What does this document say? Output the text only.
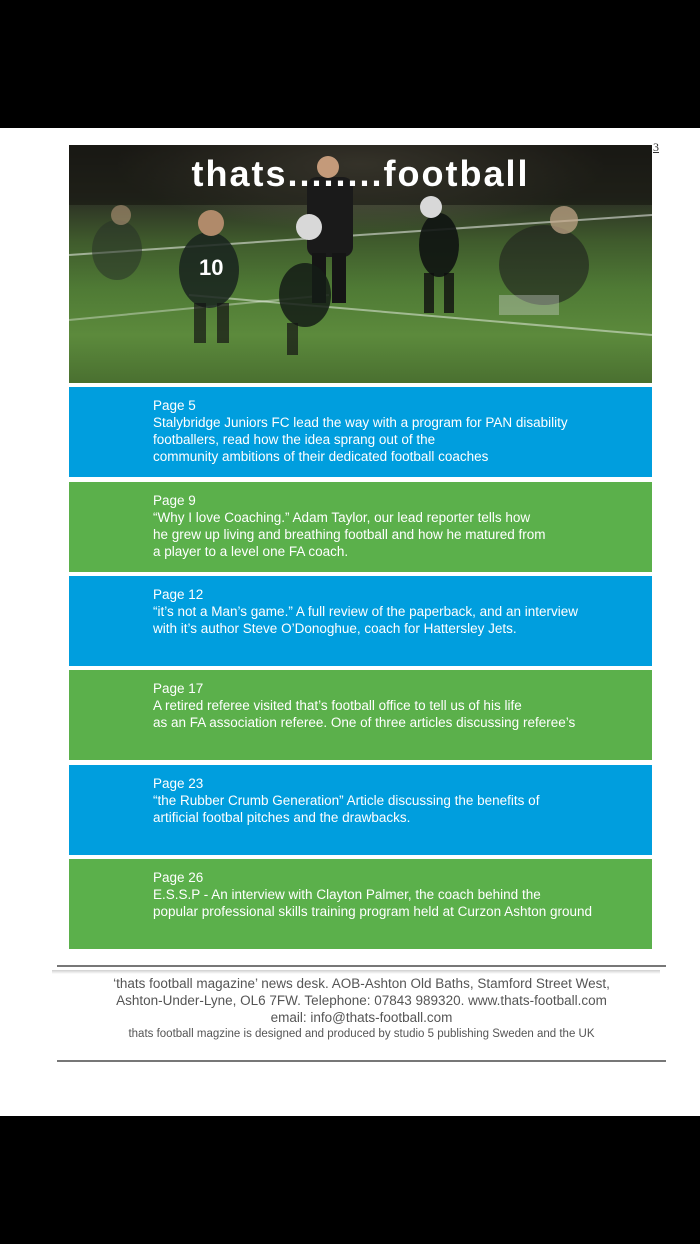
3
10
thats........football
Page 5
Stalybridge Juniors FC lead the way with a program for PAN disability
footballers, read how the idea sprang out of the
community ambitions of their dedicated football coaches
Page 9
“Why I love Coaching.” Adam Taylor, our lead reporter tells how
he grew up living and breathing football and how he matured from
a player to a level one FA coach.
Page 12
“it’s not a Man’s game.” A full review of the paperback, and an interview
with it’s author Steve O’Donoghue, coach for Hattersley Jets.
Page 17
A retired referee visited that’s football office to tell us of his life
as an FA association referee. One of three articles discussing referee’s
Page 23
“the Rubber Crumb Generation” Article discussing the benefits of
artificial footbal pitches and the drawbacks.
Page 26
E.S.S.P - An interview with Clayton Palmer, the coach behind the
popular professional skills training program held at Curzon Ashton ground
‘thats football magazine’ news desk. AOB-Ashton Old Baths, Stamford Street West,
Ashton-Under-Lyne, OL6 7FW. Telephone: 07843 989320. www.thats-football.com
email: info@thats-football.com
thats football magzine is designed and produced by studio 5 publishing Sweden and the UK
